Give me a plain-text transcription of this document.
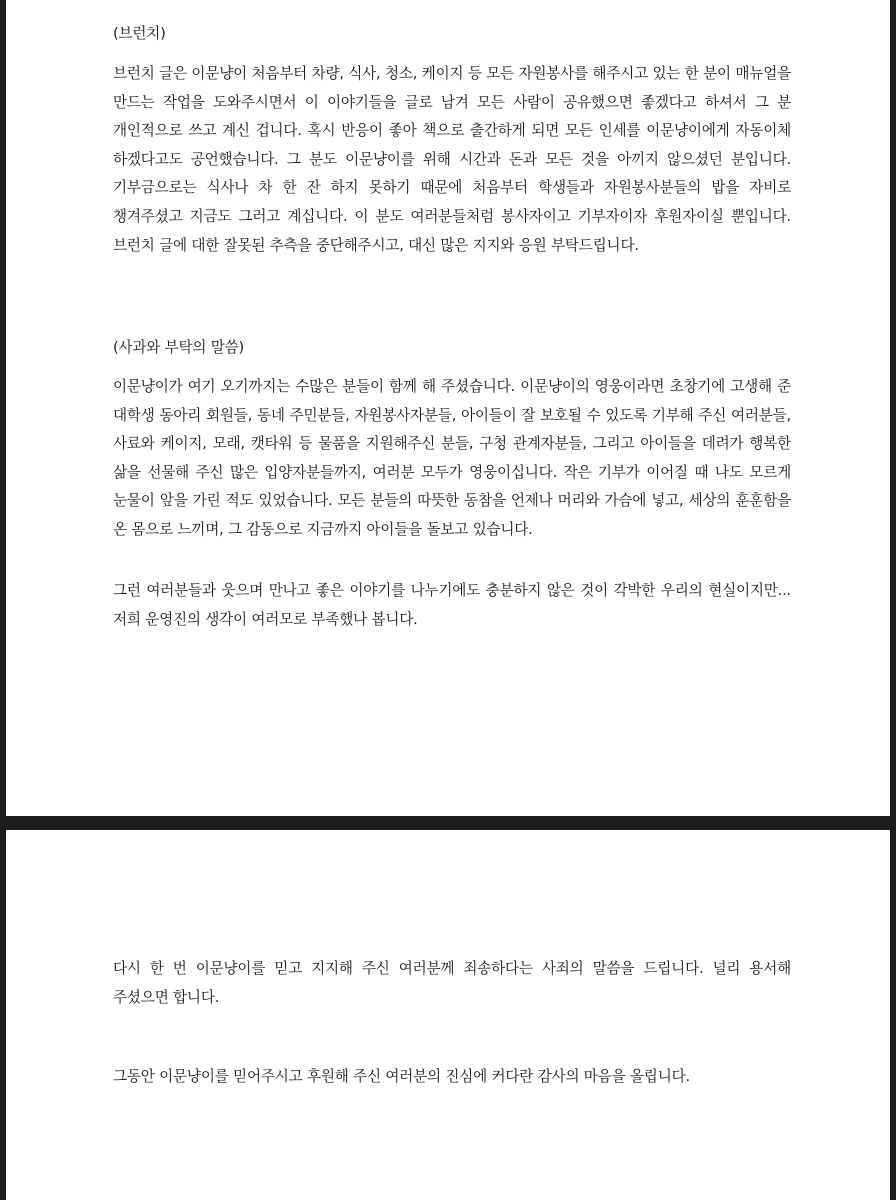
(브런치)

브런치 글은 이문냥이 처음부터 차량, 식사, 청소, 케이지 등 모든 자원봉사를 해주시고 있는 한 분이 매뉴얼을 만드는 작업을 도와주시면서 이 이야기들을 글로 남겨 모든 사람이 공유했으면 좋겠다고 하셔서 그 분 개인적으로 쓰고 계신 겁니다. 혹시 반응이 좋아 책으로 출간하게 되면 모든 인세를 이문냥이에게 자동이체 하겠다고도 공언했습니다. 그 분도 이문냥이를 위해 시간과 돈과 모든 것을 아끼지 않으셨던 분입니다. 기부금으로는 식사나 차 한 잔 하지 못하기 때문에 처음부터 학생들과 자원봉사분들의 밥을 자비로 챙겨주셨고 지금도 그러고 계십니다. 이 분도 여러분들처럼 봉사자이고 기부자이자 후원자이실 뿐입니다. 브런치 글에 대한 잘못된 추측을 중단해주시고, 대신 많은 지지와 응원 부탁드립니다.

(사과와 부탁의 말씀)

이문냥이가 여기 오기까지는 수많은 분들이 함께 해 주셨습니다. 이문냥이의 영웅이라면 초창기에 고생해 준 대학생 동아리 회원들, 동네 주민분들, 자원봉사자분들, 아이들이 잘 보호될 수 있도록 기부해 주신 여러분들, 사료와 케이지, 모래, 캣타워 등 물품을 지원해주신 분들, 구청 관계자분들, 그리고 아이들을 데려가 행복한 삶을 선물해 주신 많은 입양자분들까지, 여러분 모두가 영웅이십니다. 작은 기부가 이어질 때 나도 모르게 눈물이 앞을 가린 적도 있었습니다. 모든 분들의 따뜻한 동참을 언제나 머리와 가슴에 넣고, 세상의 훈훈함을 온 몸으로 느끼며, 그 감동으로 지금까지 아이들을 돌보고 있습니다.

그런 여러분들과 웃으며 만나고 좋은 이야기를 나누기에도 충분하지 않은 것이 각박한 우리의 현실이지만... 저희 운영진의 생각이 여러모로 부족했나 봅니다.

다시 한 번 이문냥이를 믿고 지지해 주신 여러분께 죄송하다는 사죄의 말씀을 드립니다. 널리 용서해 주셨으면 합니다.

그동안 이문냥이를 믿어주시고 후원해 주신 여러분의 진심에 커다란 감사의 마음을 올립니다.
